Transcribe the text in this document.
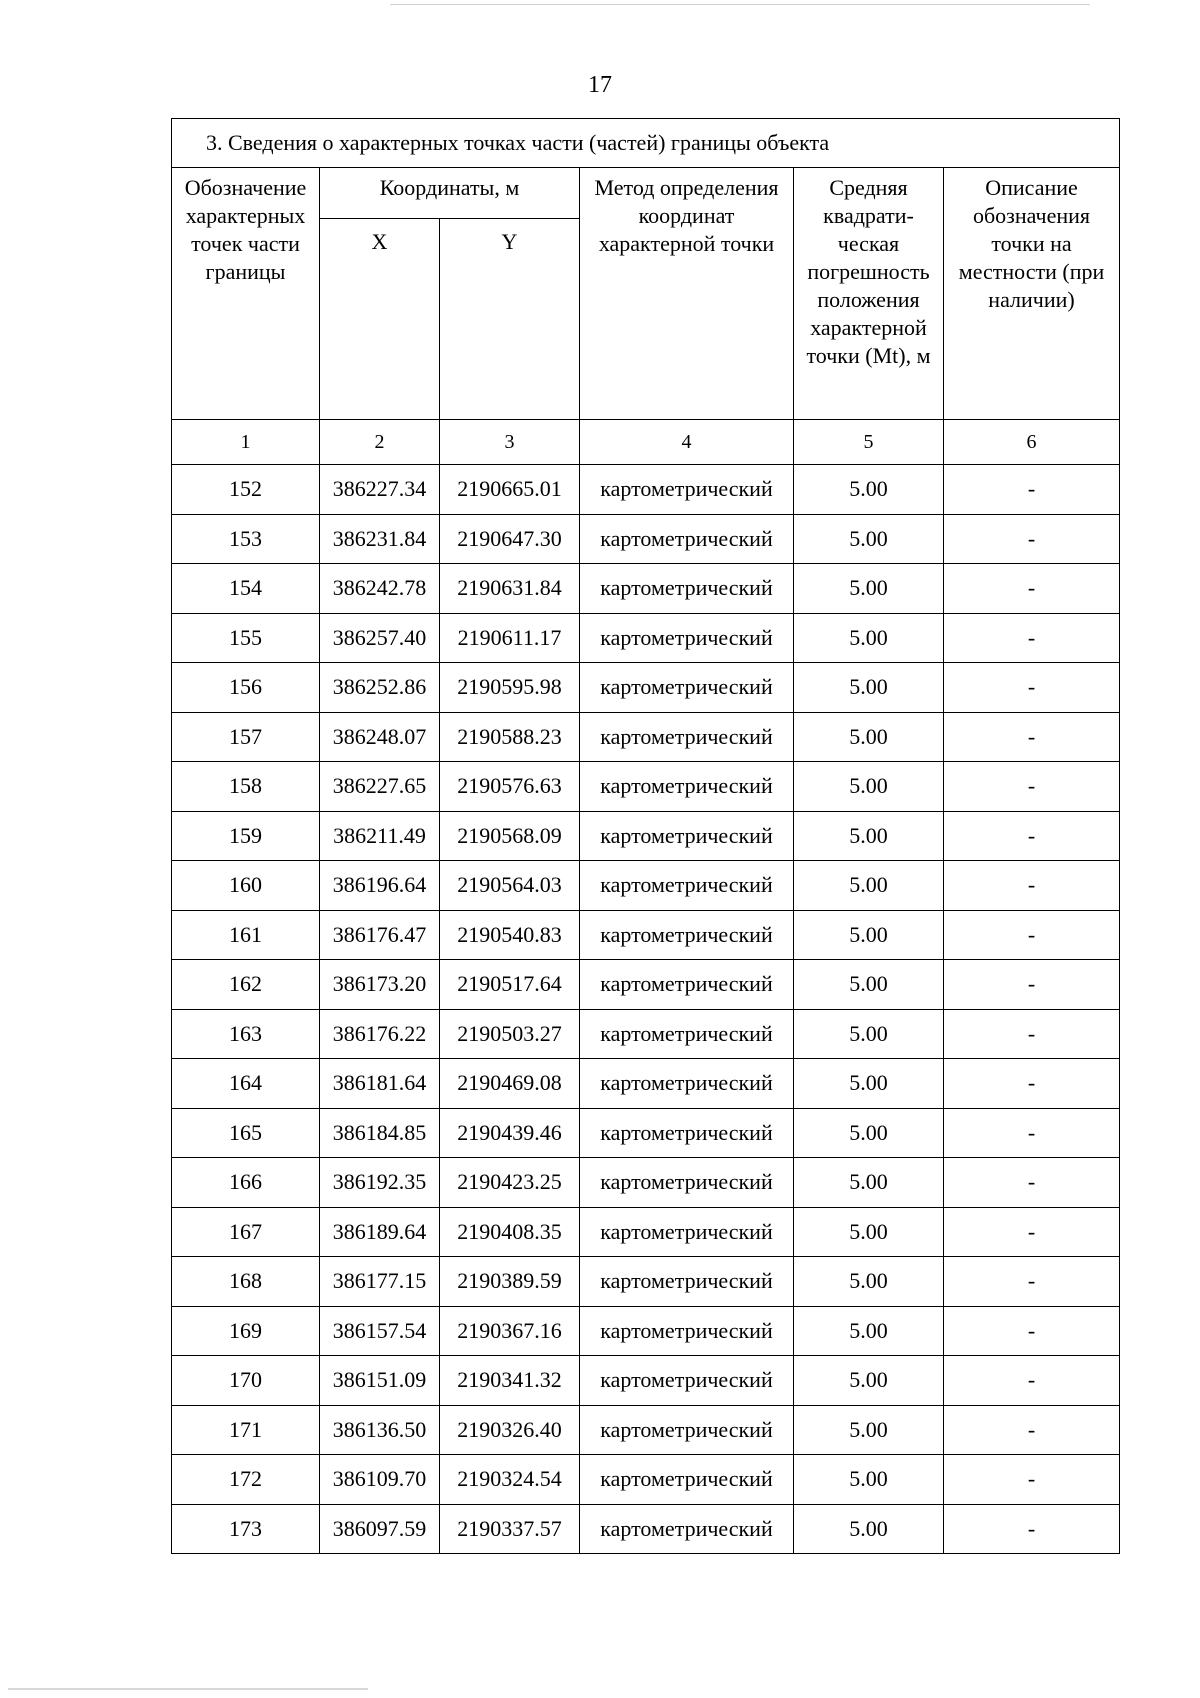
17
3. Сведения о характерных точках части (частей) границы объекта					
Обозначение характерных точек части границы	Координаты, м		Метод определения координат характерной точки	Средняя квадрати-ческая погрешность положения характерной точки (Mt), м	Описание обозначения точки на местности (при наличии)
	X	Y			
1	2	3	4	5	6
152	386227.34	2190665.01	картометрический	5.00	-
153	386231.84	2190647.30	картометрический	5.00	-
154	386242.78	2190631.84	картометрический	5.00	-
155	386257.40	2190611.17	картометрический	5.00	-
156	386252.86	2190595.98	картометрический	5.00	-
157	386248.07	2190588.23	картометрический	5.00	-
158	386227.65	2190576.63	картометрический	5.00	-
159	386211.49	2190568.09	картометрический	5.00	-
160	386196.64	2190564.03	картометрический	5.00	-
161	386176.47	2190540.83	картометрический	5.00	-
162	386173.20	2190517.64	картометрический	5.00	-
163	386176.22	2190503.27	картометрический	5.00	-
164	386181.64	2190469.08	картометрический	5.00	-
165	386184.85	2190439.46	картометрический	5.00	-
166	386192.35	2190423.25	картометрический	5.00	-
167	386189.64	2190408.35	картометрический	5.00	-
168	386177.15	2190389.59	картометрический	5.00	-
169	386157.54	2190367.16	картометрический	5.00	-
170	386151.09	2190341.32	картометрический	5.00	-
171	386136.50	2190326.40	картометрический	5.00	-
172	386109.70	2190324.54	картометрический	5.00	-
173	386097.59	2190337.57	картометрический	5.00	-
